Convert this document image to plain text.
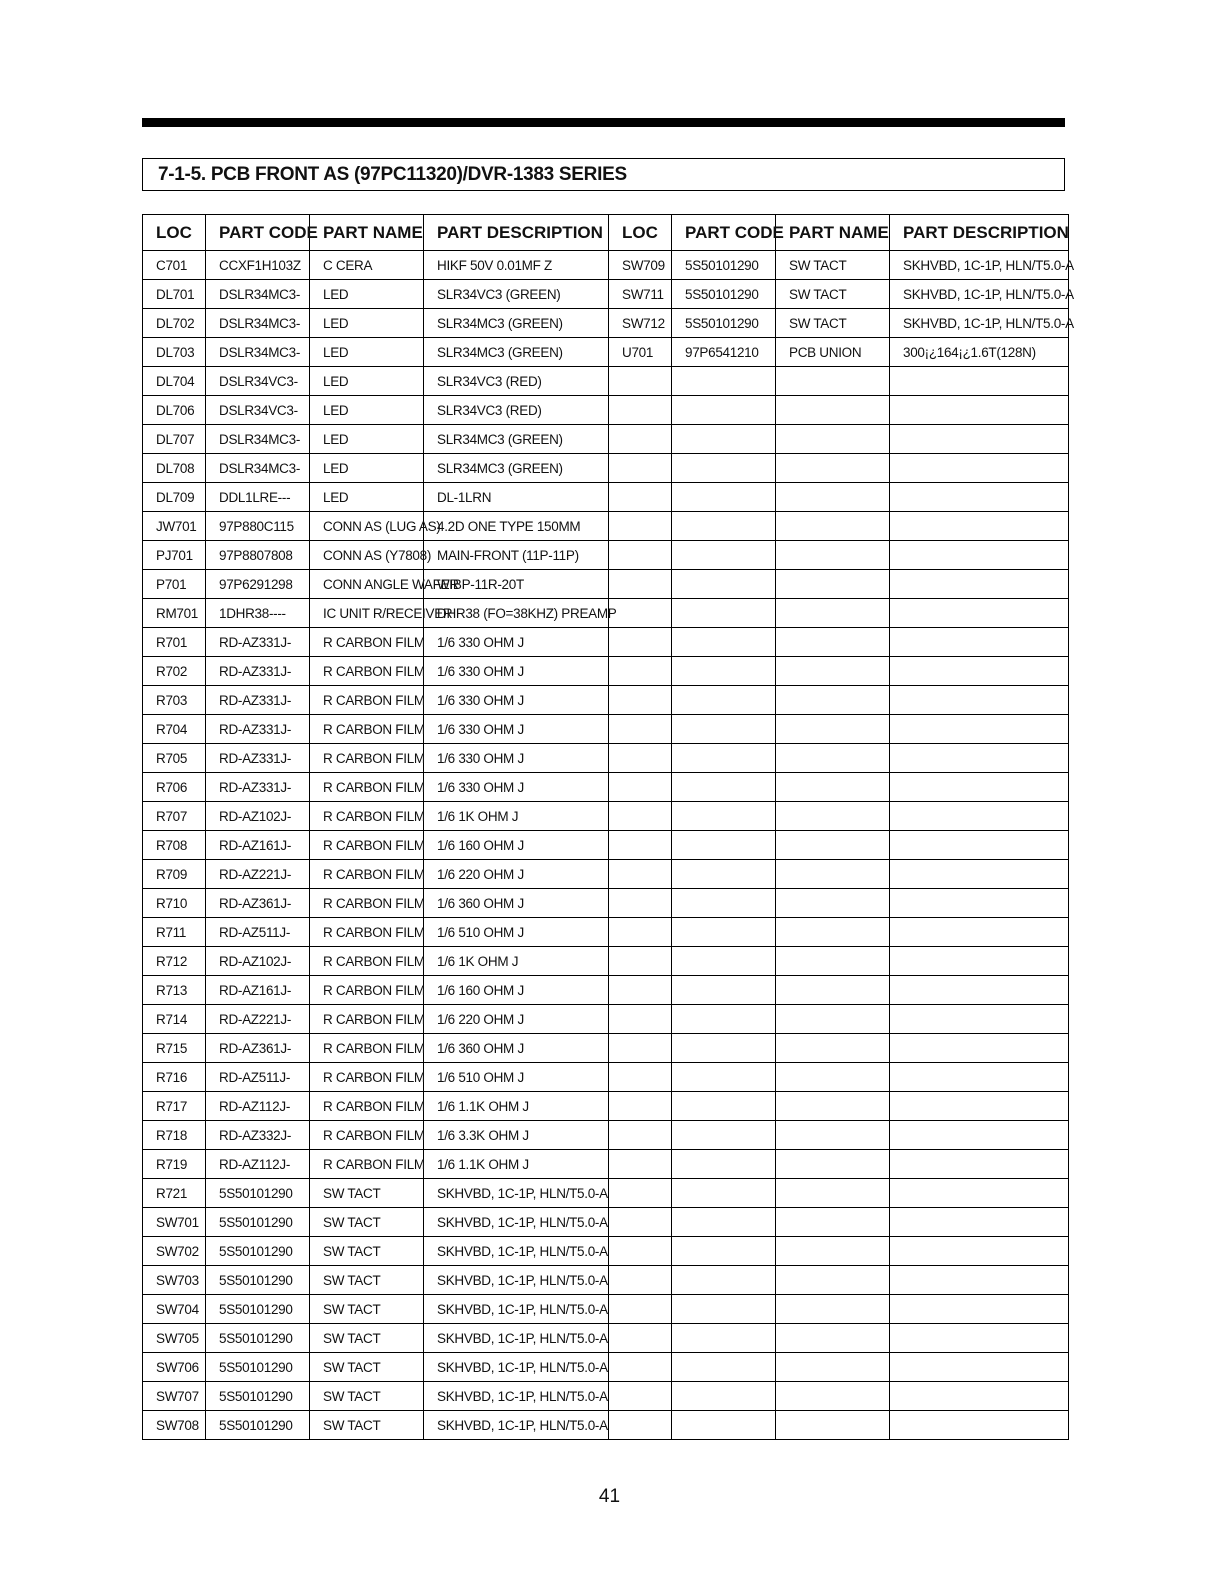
7-1-5. PCB FRONT AS (97PC11320)/DVR-1383 SERIES
LOC	PART CODE	PART NAME	PART DESCRIPTION	LOC	PART CODE	PART NAME	PART DESCRIPTION
C701	CCXF1H103Z	C CERA	HIKF 50V 0.01MF Z	SW709	5S50101290	SW TACT	SKHVBD, 1C-1P, HLN/T5.0-A
DL701	DSLR34MC3-	LED	SLR34VC3 (GREEN)	SW711	5S50101290	SW TACT	SKHVBD, 1C-1P, HLN/T5.0-A
DL702	DSLR34MC3-	LED	SLR34MC3 (GREEN)	SW712	5S50101290	SW TACT	SKHVBD, 1C-1P, HLN/T5.0-A
DL703	DSLR34MC3-	LED	SLR34MC3 (GREEN)	U701	97P6541210	PCB UNION	300¡¿164¡¿1.6T(128N)
DL704	DSLR34VC3-	LED	SLR34VC3 (RED)				
DL706	DSLR34VC3-	LED	SLR34VC3 (RED)				
DL707	DSLR34MC3-	LED	SLR34MC3 (GREEN)				
DL708	DSLR34MC3-	LED	SLR34MC3 (GREEN)				
DL709	DDL1LRE---	LED	DL-1LRN				
JW701	97P880C115	CONN AS (LUG AS)	4.2D ONE TYPE 150MM				
PJ701	97P8807808	CONN AS (Y7808)	MAIN-FRONT (11P-11P)				
P701	97P6291298	CONN ANGLE WAFER	WIBP-11R-20T				
RM701	1DHR38----	IC UNIT R/RECEIVER	DHR38 (FO=38KHZ) PREAMP				
R701	RD-AZ331J-	R CARBON FILM	1/6 330 OHM J				
R702	RD-AZ331J-	R CARBON FILM	1/6 330 OHM J				
R703	RD-AZ331J-	R CARBON FILM	1/6 330 OHM J				
R704	RD-AZ331J-	R CARBON FILM	1/6 330 OHM J				
R705	RD-AZ331J-	R CARBON FILM	1/6 330 OHM J				
R706	RD-AZ331J-	R CARBON FILM	1/6 330 OHM J				
R707	RD-AZ102J-	R CARBON FILM	1/6 1K OHM J				
R708	RD-AZ161J-	R CARBON FILM	1/6 160 OHM J				
R709	RD-AZ221J-	R CARBON FILM	1/6 220 OHM J				
R710	RD-AZ361J-	R CARBON FILM	1/6 360 OHM J				
R711	RD-AZ511J-	R CARBON FILM	1/6 510 OHM J				
R712	RD-AZ102J-	R CARBON FILM	1/6 1K OHM J				
R713	RD-AZ161J-	R CARBON FILM	1/6 160 OHM J				
R714	RD-AZ221J-	R CARBON FILM	1/6 220 OHM J				
R715	RD-AZ361J-	R CARBON FILM	1/6 360 OHM J				
R716	RD-AZ511J-	R CARBON FILM	1/6 510 OHM J				
R717	RD-AZ112J-	R CARBON FILM	1/6 1.1K OHM J				
R718	RD-AZ332J-	R CARBON FILM	1/6 3.3K OHM J				
R719	RD-AZ112J-	R CARBON FILM	1/6 1.1K OHM J				
R721	5S50101290	SW TACT	SKHVBD, 1C-1P, HLN/T5.0-A				
SW701	5S50101290	SW TACT	SKHVBD, 1C-1P, HLN/T5.0-A				
SW702	5S50101290	SW TACT	SKHVBD, 1C-1P, HLN/T5.0-A				
SW703	5S50101290	SW TACT	SKHVBD, 1C-1P, HLN/T5.0-A				
SW704	5S50101290	SW TACT	SKHVBD, 1C-1P, HLN/T5.0-A				
SW705	5S50101290	SW TACT	SKHVBD, 1C-1P, HLN/T5.0-A				
SW706	5S50101290	SW TACT	SKHVBD, 1C-1P, HLN/T5.0-A				
SW707	5S50101290	SW TACT	SKHVBD, 1C-1P, HLN/T5.0-A				
SW708	5S50101290	SW TACT	SKHVBD, 1C-1P, HLN/T5.0-A				
41
